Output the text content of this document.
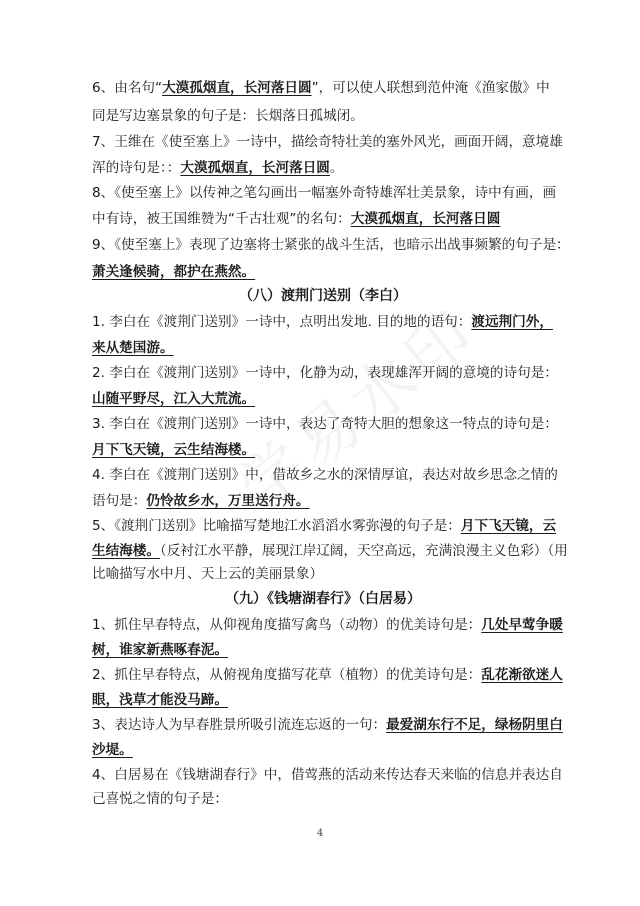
6、由名句“大漠孤烟直，长河落日圆”，可以使人联想到范仲淹《渔家傲》中
同是写边塞景象的句子是：长烟落日孤城闭。
7、王维在《使至塞上》一诗中，描绘奇特壮美的塞外风光，画面开阔，意境雄
浑的诗句是：：大漠孤烟直，长河落日圆。
8、《使至塞上》以传神之笔勾画出一幅塞外奇特雄浑壮美景象，诗中有画，画
中有诗，被王国维赞为“千古壮观”的名句：大漠孤烟直，长河落日圆
9、《使至塞上》表现了边塞将士紧张的战斗生活，也暗示出战事频繁的句子是：
萧关逢候骑，都护在燕然。
（八）渡荆门送别（李白）
1. 李白在《渡荆门送别》一诗中，点明出发地. 目的地的语句：渡远荆门外，
来从楚国游。
2. 李白在《渡荆门送别》一诗中，化静为动，表现雄浑开阔的意境的诗句是：
山随平野尽，江入大荒流。
3. 李白在《渡荆门送别》一诗中，表达了奇特大胆的想象这一特点的诗句是：
月下飞天镜，云生结海楼。
4. 李白在《渡荆门送别》中，借故乡之水的深情厚谊，表达对故乡思念之情的
语句是：仍怜故乡水，万里送行舟。
5、《渡荆门送别》比喻描写楚地江水滔滔水雾弥漫的句子是：月下飞天镜，云
生结海楼。（反衬江水平静，展现江岸辽阔，天空高远，充满浪漫主义色彩）（用
比喻描写水中月、天上云的美丽景象）
（九）《钱塘湖春行》（白居易）
1、抓住早春特点，从仰视角度描写禽鸟（动物）的优美诗句是：几处早莺争暖
树，谁家新燕啄春泥。
2、抓住早春特点，从俯视角度描写花草（植物）的优美诗句是：乱花渐欲迷人
眼，浅草才能没马蹄。
3、表达诗人为早春胜景所吸引流连忘返的一句：最爱湖东行不足，绿杨阴里白
沙堤。
4、白居易在《钱塘湖春行》中，借莺燕的活动来传达春天来临的信息并表达自
己喜悦之情的句子是：
4
